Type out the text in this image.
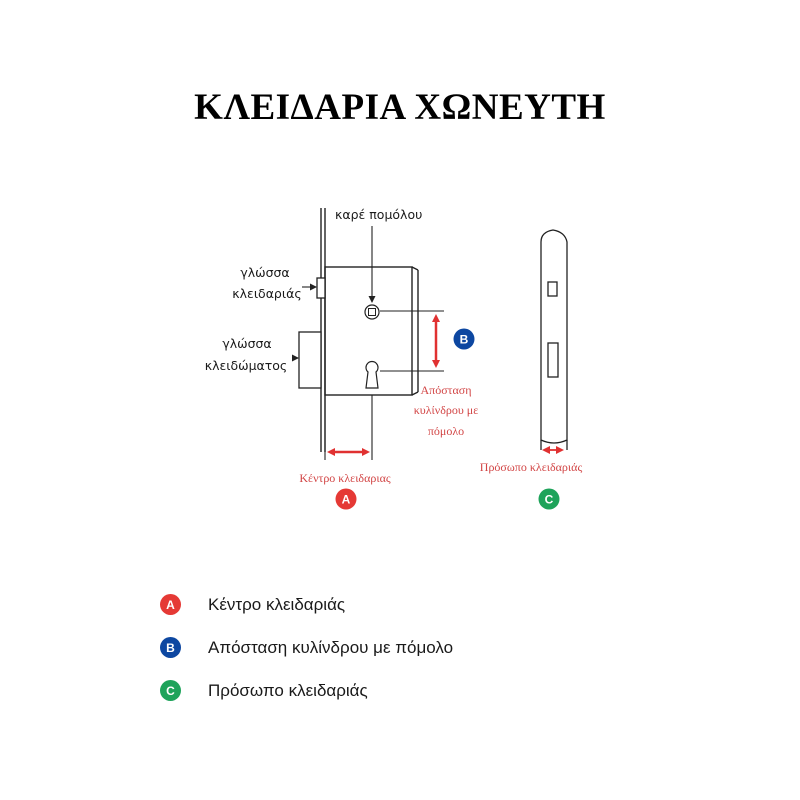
ΚΛΕΙΔΑΡΙΑ ΧΩΝΕΥΤΗ
καρέ πομόλου
γλώσσα
κλειδαριάς
γλώσσα
κλειδώματος
Απόσταση
κυλίνδρου με
πόμολο
Κέντρο κλειδαριας
Πρόσωπο κλειδαριάς
B
A	C
A	Κέντρο κλειδαριάς
B	Απόσταση κυλίνδρου με πόμολο
C	Πρόσωπο κλειδαριάς
